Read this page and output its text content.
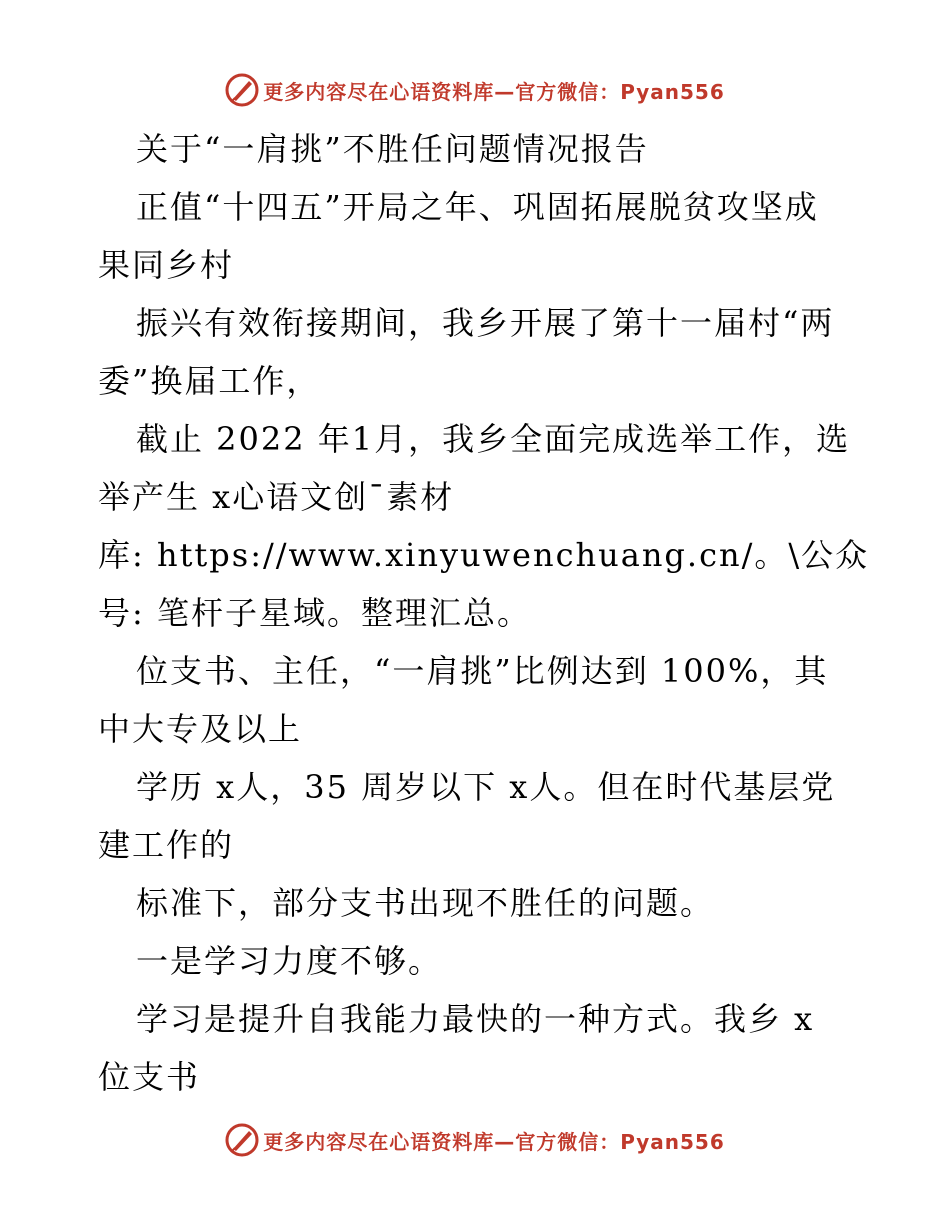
更多内容尽在心语资料库—官方微信：Pyan556
关于“一肩挑”不胜任问题情况报告
正值“十四五”开局之年、巩固拓展脱贫攻坚成
果同乡村
振兴有效衔接期间，我乡开展了第十一届村“两
委”换届工作，
截止 2022 年1月，我乡全面完成选举工作，选
举产生 x心语文创¯素材
库: https://www.xinyuwenchuang.cn/。\公众
号: 笔杆子星域。整理汇总。
位支书、主任，“一肩挑”比例达到 100%，其
中大专及以上
学历 x人，35 周岁以下 x人。但在时代基层党
建工作的
标准下，部分支书出现不胜任的问题。
一是学习力度不够。
学习是提升自我能力最快的一种方式。我乡 x
位支书
更多内容尽在心语资料库—官方微信：Pyan556
